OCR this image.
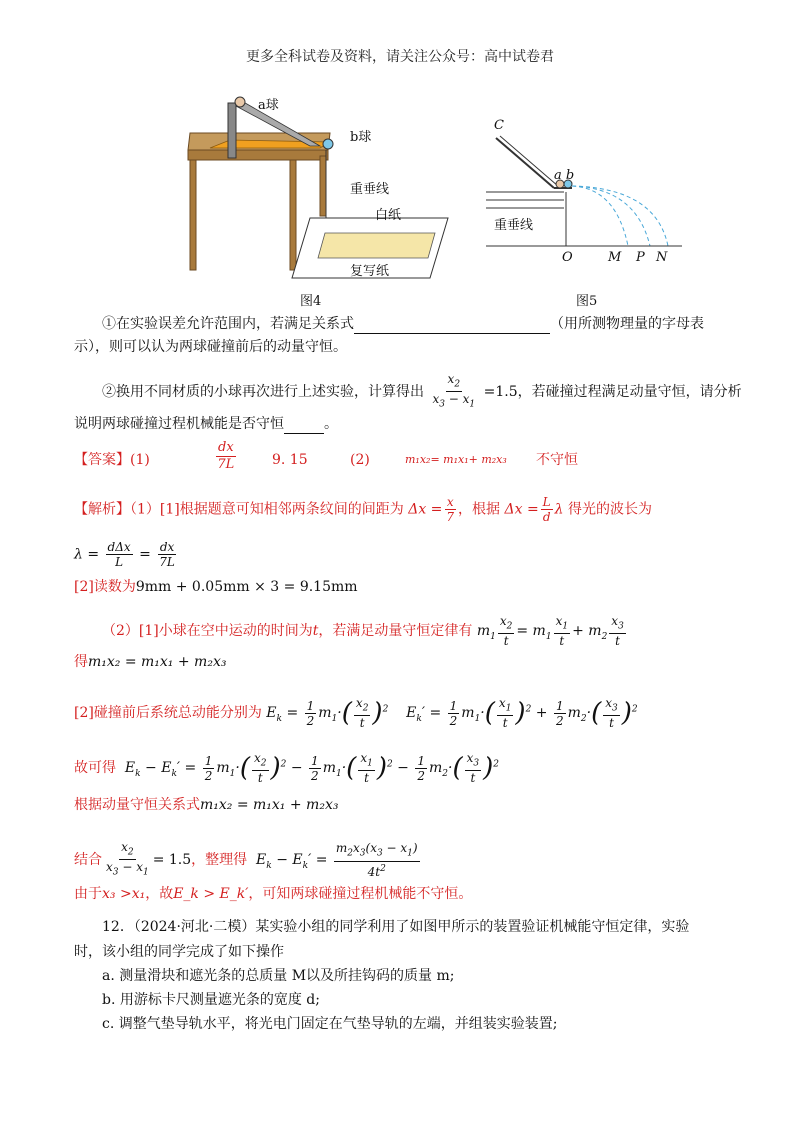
更多全科试卷及资料，请关注公众号：高中试卷君
a球
b球
重垂线
白纸
复写纸
图4
C
a b
重垂线
O	M P N
图5
①在实验误差允许范围内，若满足关系式	（用所测物理量的字母表
示），则可以认为两球碰撞前后的动量守恒。
②换用不同材质的小球再次进行上述实验，计算得出 $\frac{x_2}{x_3 - x_1} =1.5$，若碰撞过程满足动量守恒，请分析
说明两球碰撞过程机械能是否守恒	。
【答案】(1)	$\frac{dx}{7L}$	9. 15	(2)	m₁x₂= m₁x₁+ m₂x₃ 不守恒
【解析】（1）[1]根据题意可知相邻两条纹间的间距为 $\Delta x = \frac{x}{7}$ ，根据 $\Delta x = \frac{L}{d}$ λ 得光的波长为
$\lambda = \frac{\text{dΔx}}{L} = \frac{dx}{7L}$
[2]读数为9mm + 0.05mm × 3 = 9.15mm
（2）[1]小球在空中运动的时间为t，若满足动量守恒定律有 $m_1 \frac{x_2}{t} = m_1 \frac{x_1}{t} + m_2 \frac{x_3}{t}$
得m₁x₂ = m₁x₁ + m₂x₃
[2]碰撞前后系统总动能分别为 $E_k = \frac{1}{2} m_1\cdot( \frac{x_2}{t} )^2$ $E_k' = \frac{1}{2} m_1\cdot( \frac{x_1}{t} )^2 + \frac{1}{2} m_2\cdot( \frac{x_3}{t} )^2$
故可得  $E_k - E_k' = \frac{1}{2} m_1\cdot( \frac{x_2}{t} )^2 - \frac{1}{2} m_1\cdot( \frac{x_1}{t} )^2 - \frac{1}{2} m_2\cdot( \frac{x_3}{t} )^2$
根据动量守恒关系式m₁x₂ = m₁x₁ + m₂x₃
结合 $\frac{x_2}{x_3 - x_1} = 1.5$，整理得  $E_k - E_k' = \frac{m_2x_3(x_3 - x_1)}{4t^2}$
由于x₃ >x₁，故E_k > E_k′，可知两球碰撞过程机械能不守恒。
12．（2024·河北·二模）某实验小组的同学利用了如图甲所示的装置验证机械能守恒定律，实验
时，该小组的同学完成了如下操作
a. 测量滑块和遮光条的总质量 M以及所挂钩码的质量 m;
b. 用游标卡尺测量遮光条的宽度 d;
c. 调整气垫导轨水平，将光电门固定在气垫导轨的左端，并组装实验装置;
